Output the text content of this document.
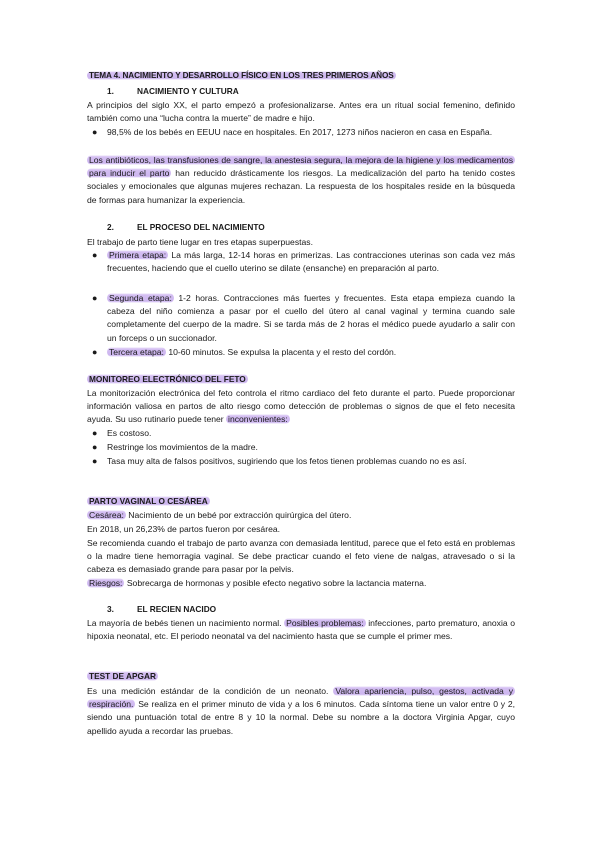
TEMA 4. NACIMIENTO Y DESARROLLO FÍSICO EN LOS TRES PRIMEROS AÑOS
1.	NACIMIENTO Y CULTURA
A principios del siglo XX, el parto empezó a profesionalizarse. Antes era un ritual social femenino, definido también como una “lucha contra la muerte” de madre e hijo.
● 98,5% de los bebés en EEUU nace en hospitales. En 2017, 1273 niños nacieron en casa en España.
Los antibióticos, las transfusiones de sangre, la anestesia segura, la mejora de la higiene y los medicamentos para inducir el parto han reducido drásticamente los riesgos. La medicalización del parto ha tenido costes sociales y emocionales que algunas mujeres rechazan. La respuesta de los hospitales reside en la búsqueda de formas para humanizar la experiencia.
2.	EL PROCESO DEL NACIMIENTO
El trabajo de parto tiene lugar en tres etapas superpuestas.
● Primera etapa: La más larga, 12-14 horas en primerizas. Las contracciones uterinas son cada vez más frecuentes, haciendo que el cuello uterino se dilate (ensanche) en preparación al parto.
● Segunda etapa: 1-2 horas. Contracciones más fuertes y frecuentes. Esta etapa empieza cuando la cabeza del niño comienza a pasar por el cuello del útero al canal vaginal y termina cuando sale completamente del cuerpo de la madre. Si se tarda más de 2 horas el médico puede ayudarlo a salir con un forceps o un succionador.
● Tercera etapa: 10-60 minutos. Se expulsa la placenta y el resto del cordón.
MONITOREO ELECTRÓNICO DEL FETO
La monitorización electrónica del feto controla el ritmo cardiaco del feto durante el parto. Puede proporcionar información valiosa en partos de alto riesgo como detección de problemas o signos de que el feto necesita ayuda. Su uso rutinario puede tener inconvenientes:
● Es costoso.
● Restringe los movimientos de la madre.
● Tasa muy alta de falsos positivos, sugiriendo que los fetos tienen problemas cuando no es así.
PARTO VAGINAL O CESÁREA
Cesárea: Nacimiento de un bebé por extracción quirúrgica del útero.
En 2018, un 26,23% de partos fueron por cesárea.
Se recomienda cuando el trabajo de parto avanza con demasiada lentitud, parece que el feto está en problemas o la madre tiene hemorragia vaginal. Se debe practicar cuando el feto viene de nalgas, atravesado o si la cabeza es demasiado grande para pasar por la pelvis.
Riesgos: Sobrecarga de hormonas y posible efecto negativo sobre la lactancia materna.
3.	EL RECIEN NACIDO
La mayoría de bebés tienen un nacimiento normal. Posibles problemas: infecciones, parto prematuro, anoxia o hipoxia neonatal, etc. El periodo neonatal va del nacimiento hasta que se cumple el primer mes.
TEST DE APGAR
Es una medición estándar de la condición de un neonato. Valora apariencia, pulso, gestos, activada y respiración. Se realiza en el primer minuto de vida y a los 6 minutos. Cada síntoma tiene un valor entre 0 y 2, siendo una puntuación total de entre 8 y 10 la normal. Debe su nombre a la doctora Virginia Apgar, cuyo apellido ayuda a recordar las pruebas.
